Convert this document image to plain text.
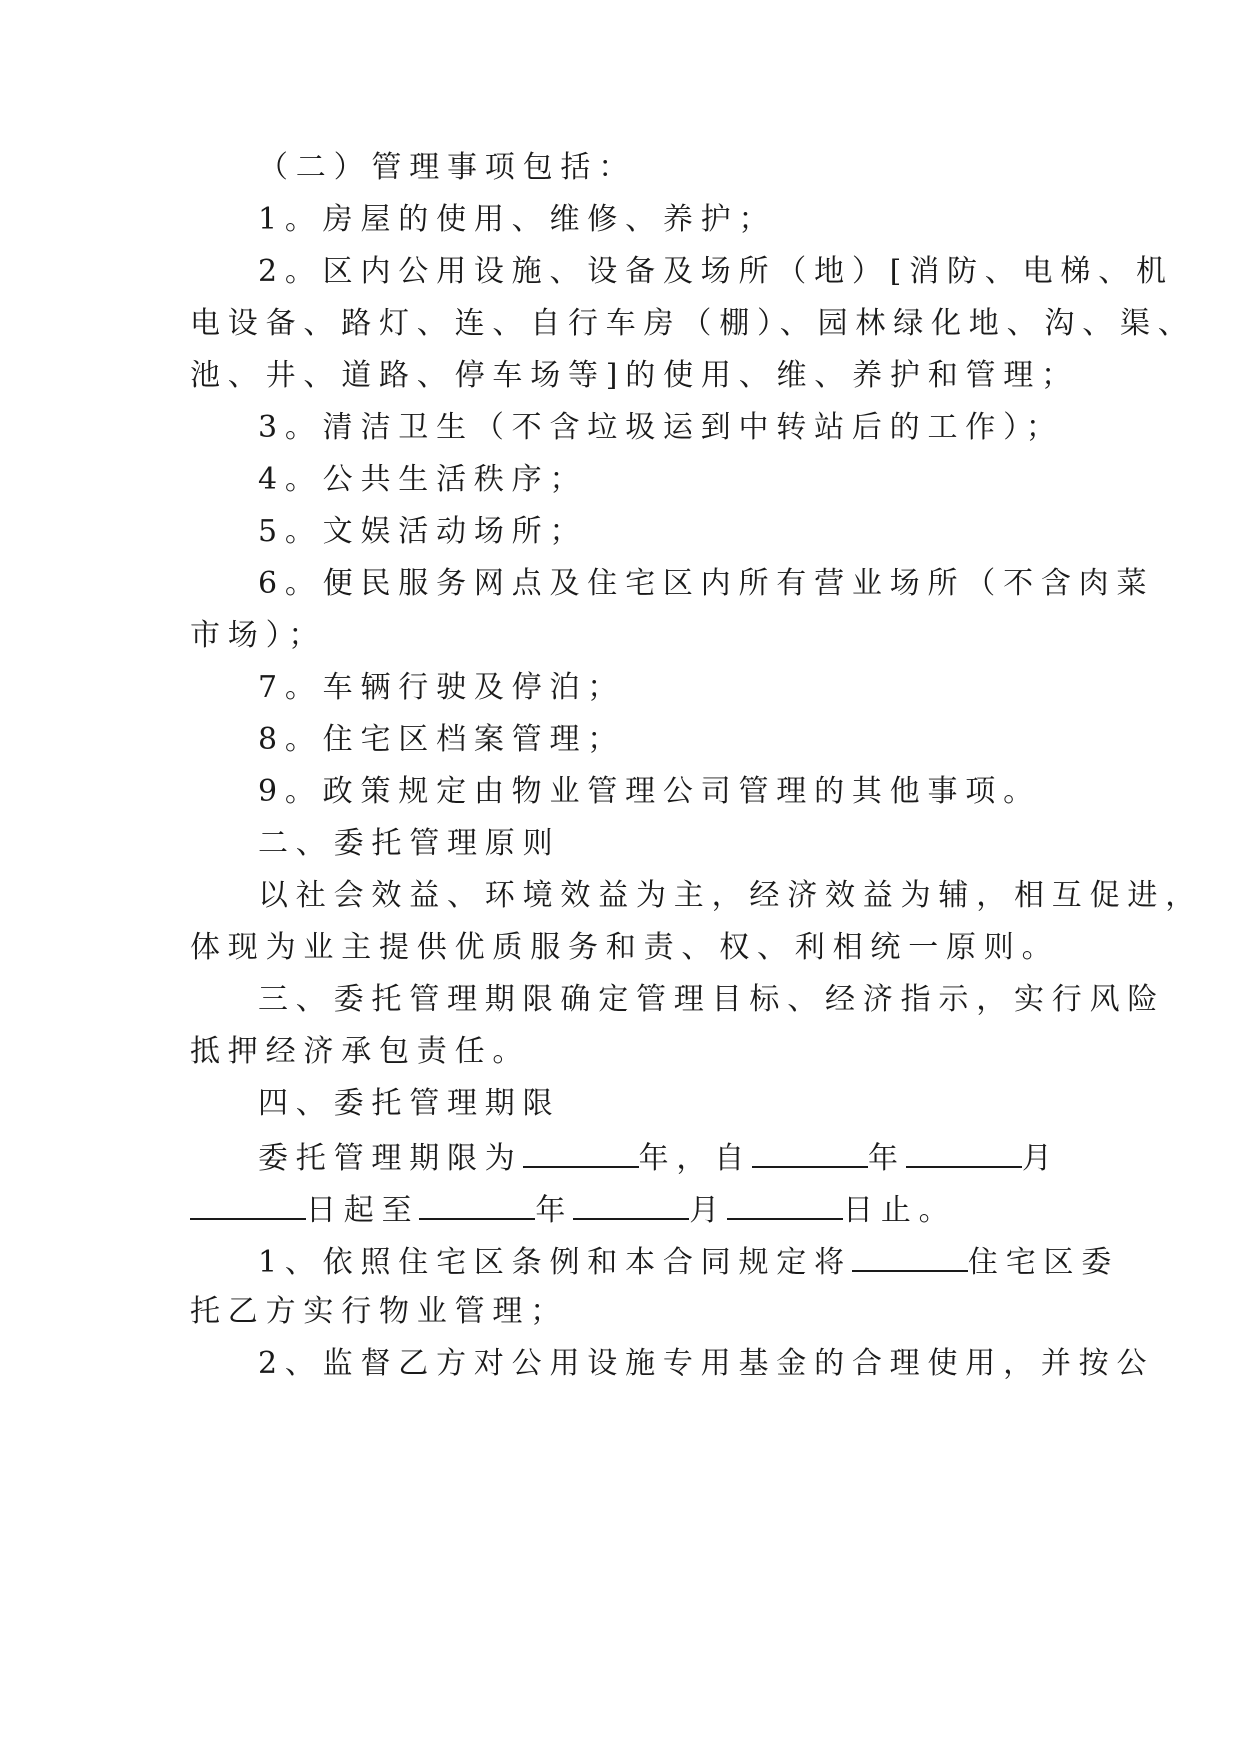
（二）管理事项包括：

1。房屋的使用、维修、养护；

2。区内公用设施、设备及场所（地）[消防、电梯、机

电设备、路灯、连、自行车房（棚）、园林绿化地、沟、渠、

池、井、道路、停车场等]的使用、维、养护和管理；

3。清洁卫生（不含垃圾运到中转站后的工作）；

4。公共生活秩序；

5。文娱活动场所；

6。便民服务网点及住宅区内所有营业场所（不含肉菜

市场）；

7。车辆行驶及停泊；

8。住宅区档案管理；

9。政策规定由物业管理公司管理的其他事项。

二、委托管理原则

以社会效益、环境效益为主，经济效益为辅，相互促进，

体现为业主提供优质服务和责、权、利相统一原则。

三、委托管理期限确定管理目标、经济指示，实行风险

抵押经济承包责任。

四、委托管理期限

委托管理期限为	年，自	年	月

日起至	年	月	日止。

1、依照住宅区条例和本合同规定将	住宅区委

托乙方实行物业管理；

2、监督乙方对公用设施专用基金的合理使用，并按公
